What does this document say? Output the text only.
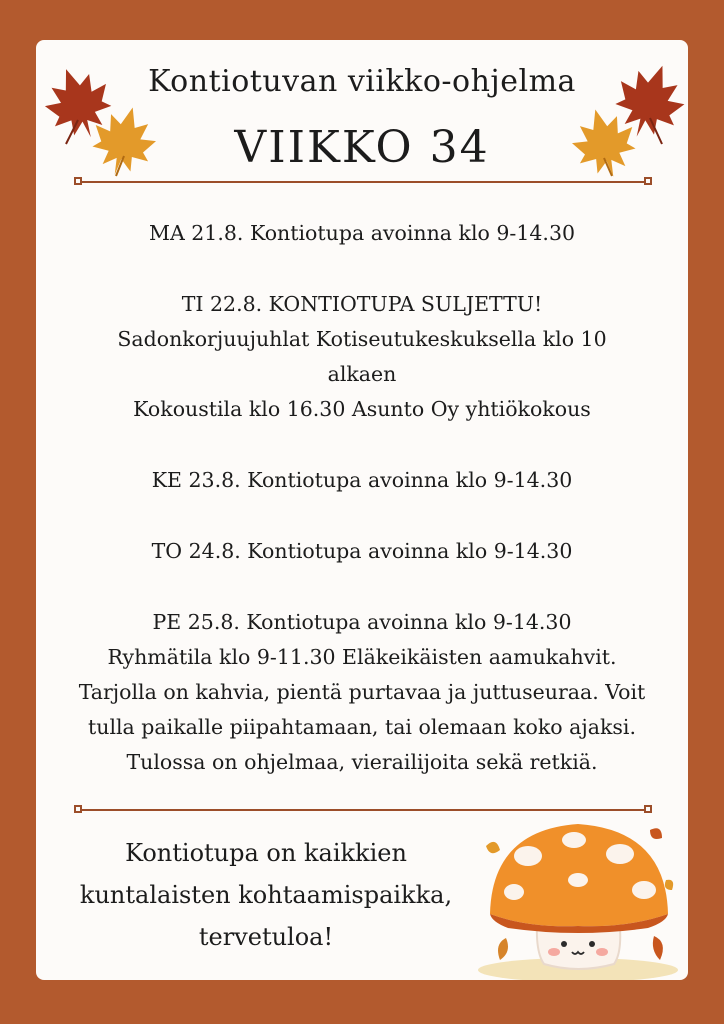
Kontiotuvan viikko-ohjelma
VIIKKO 34

MA 21.8. Kontiotupa avoinna klo 9-14.30

TI 22.8. KONTIOTUPA SULJETTU!
Sadonkorjuujuhlat Kotiseutukeskuksella klo 10
alkaen
Kokoustila klo 16.30 Asunto Oy yhtiökokous

KE 23.8. Kontiotupa avoinna klo 9-14.30

TO 24.8. Kontiotupa avoinna klo 9-14.30

PE 25.8. Kontiotupa avoinna klo 9-14.30
Ryhmätila klo 9-11.30 Eläkeikäisten aamukahvit.
Tarjolla on kahvia, pientä purtavaa ja juttuseuraa. Voit
tulla paikalle piipahtamaan, tai olemaan koko ajaksi.
Tulossa on ohjelmaa, vierailijoita sekä retkiä.

Kontiotupa on kaikkien
kuntalaisten kohtaamispaikka,
tervetuloa!
